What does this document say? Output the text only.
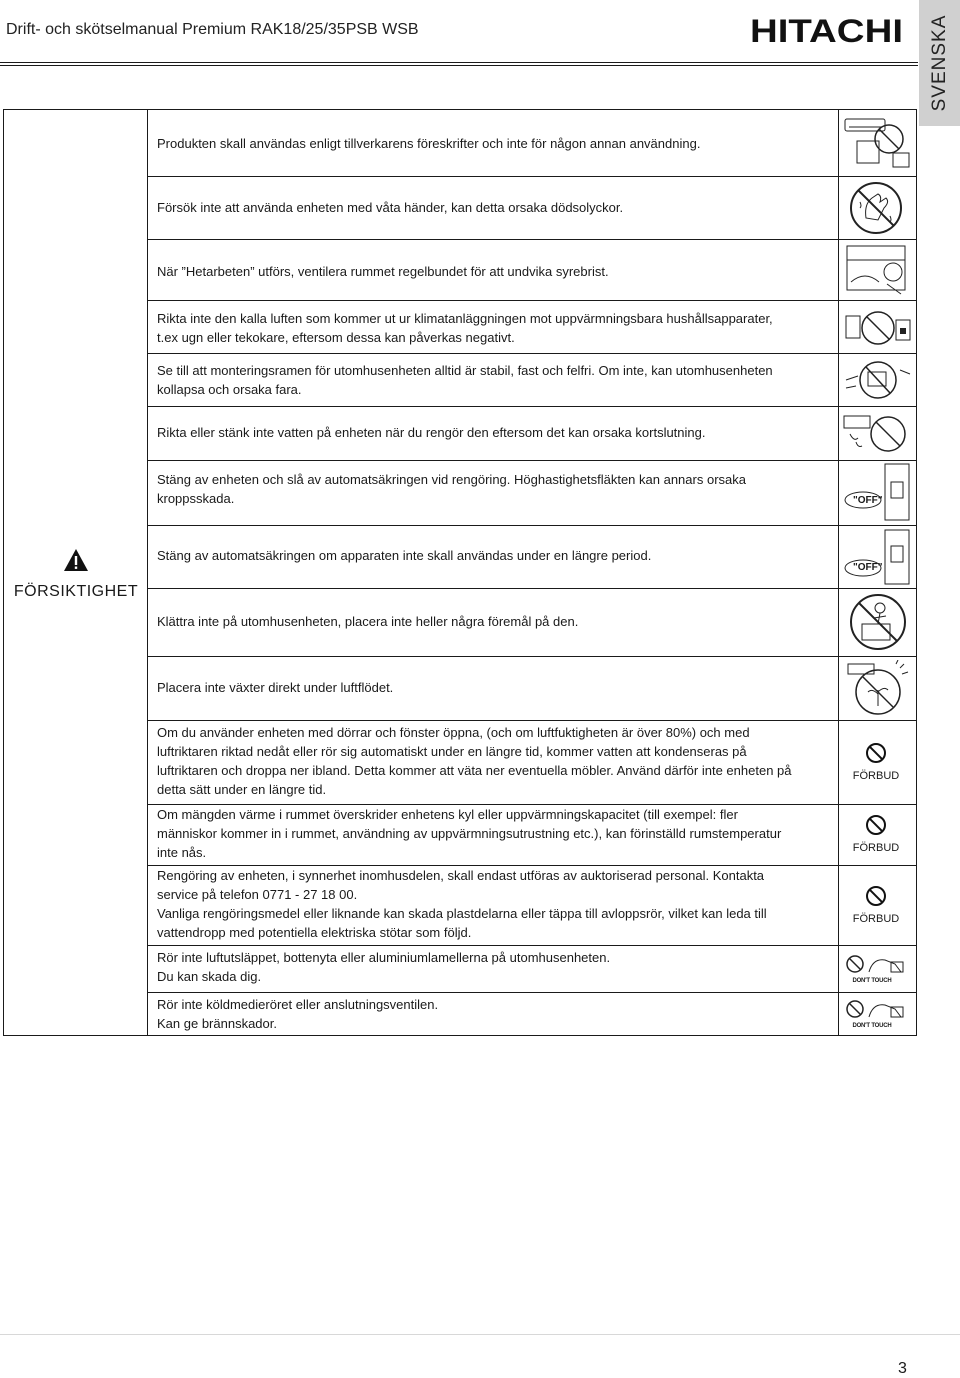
Drift- och skötselmanual Premium RAK18/25/35PSB WSB	HITACHI SVENSKA
FÖRSIKTIGHET
Produkten skall användas enligt tillverkarens föreskrifter och inte för någon annan användning.
Försök inte att använda enheten med våta händer, kan detta orsaka dödsolyckor.
När ”Hetarbeten” utförs, ventilera rummet regelbundet för att undvika syrebrist.
Rikta inte den kalla luften som kommer ut ur klimatanläggningen mot uppvärmningsbara hushållsapparater,
t.ex ugn eller tekokare, eftersom dessa kan påverkas negativt.
Se till att monteringsramen för utomhusenheten alltid är stabil, fast och felfri. Om inte, kan utomhusenheten
kollapsa och orsaka fara.
Rikta eller stänk inte vatten på enheten när du rengör den eftersom det kan orsaka kortslutning.
Stäng av enheten och slå av automatsäkringen vid rengöring. Höghastighetsfläkten kan annars orsaka
kroppsskada.
Stäng av automatsäkringen om apparaten inte skall användas under en längre period.
Klättra inte på utomhusenheten, placera inte heller några föremål på den.
Placera inte växter direkt under luftflödet.
Om du använder enheten med dörrar och fönster öppna, (och om luftfuktigheten är över 80%) och med
luftriktaren riktad nedåt eller rör sig automatiskt under en längre tid, kommer vatten att kondenseras på
luftriktaren och droppa ner ibland. Detta kommer att väta ner eventuella möbler. Använd därför inte enheten på
detta sätt under en längre tid.
Om mängden värme i rummet överskrider enhetens kyl eller uppvärmningskapacitet (till exempel: fler
människor kommer in i rummet, användning av uppvärmningsutrustning etc.), kan förinställd rumstemperatur
inte nås.
Rengöring av enheten, i synnerhet inomhusdelen, skall endast utföras av auktoriserad personal. Kontakta
service på telefon 0771 - 27 18 00.
Vanliga rengöringsmedel eller liknande kan skada plastdelarna eller täppa till avloppsrör, vilket kan leda till
vattendropp med potentiella elektriska stötar som följd.
Rör inte luftutsläppet, bottenyta eller aluminiumlamellerna på utomhusenheten.
Du kan skada dig.
Rör inte köldmedieröret eller anslutningsventilen.
Kan ge brännskador.
"OFF"
"OFF"
FÖRBUD
FÖRBUD
FÖRBUD
DON'T TOUCH
DON'T TOUCH
3
